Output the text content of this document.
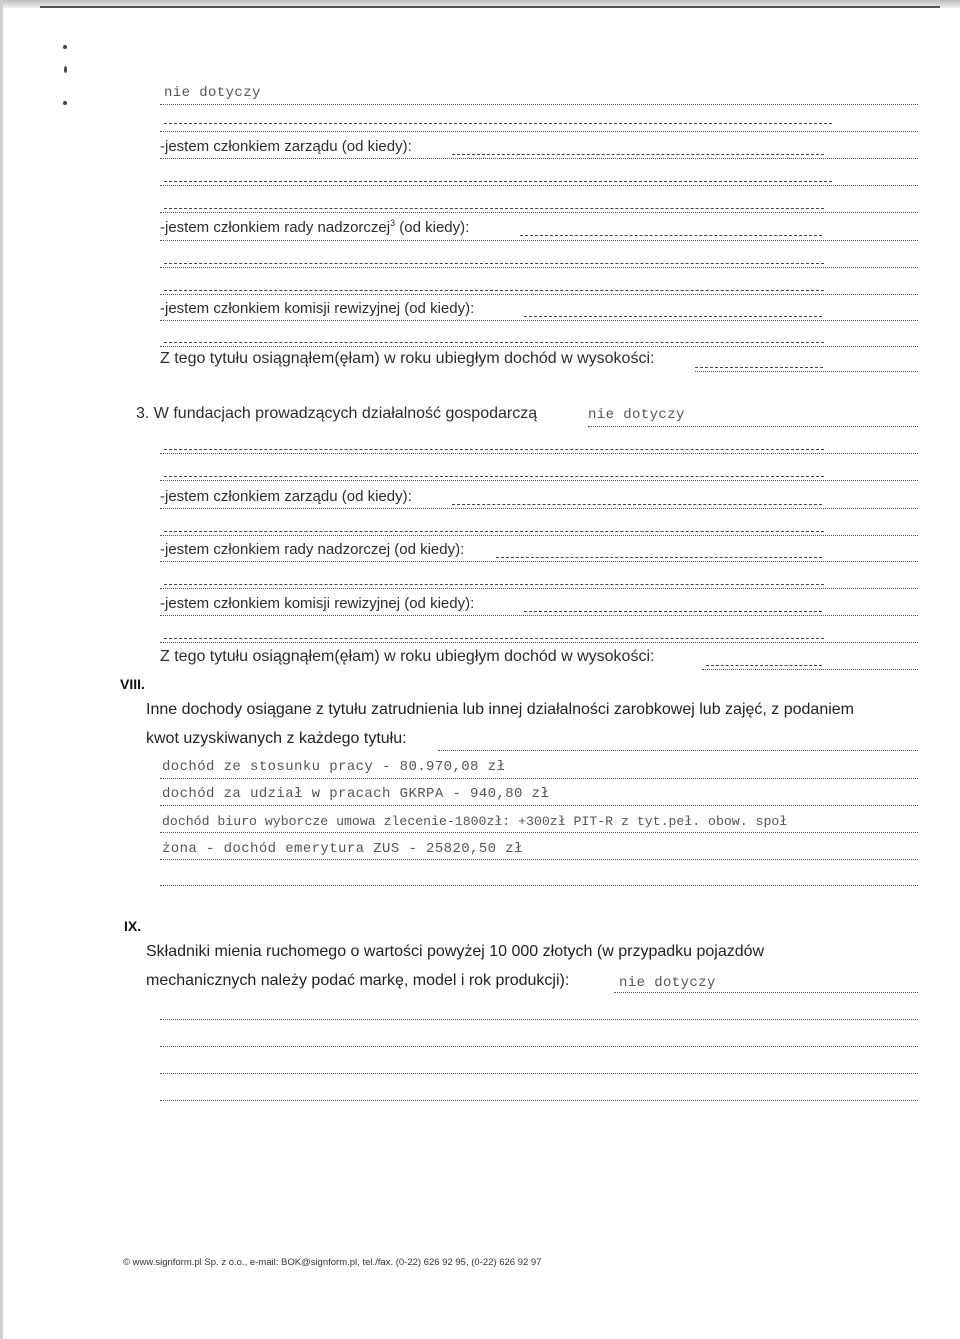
nie dotyczy
-jestem członkiem zarządu (od kiedy):
-jestem członkiem rady nadzorczej$^3$ (od kiedy):
-jestem członkiem komisji rewizyjnej (od kiedy):
Z tego tytułu osiągnąłem(ęłam) w roku ubiegłym dochód w wysokości:
3. W fundacjach prowadzących działalność gospodarczą	nie dotyczy
-jestem członkiem zarządu (od kiedy):
-jestem członkiem rady nadzorczej (od kiedy):
-jestem członkiem komisji rewizyjnej (od kiedy):
Z tego tytułu osiągnąłem(ęłam) w roku ubiegłym dochód w wysokości:
VIII.
Inne dochody osiągane z tytułu zatrudnienia lub innej działalności zarobkowej lub zajęć, z podaniem
kwot uzyskiwanych z każdego tytułu:
dochód ze stosunku pracy - 80.970,08 zł
dochód za udział w pracach GKRPA - 940,80 zł
dochód biuro wyborcze umowa zlecenie-1800zł: +300zł PIT-R z tyt.peł. obow. społ
żona - dochód emerytura ZUS - 25820,50 zł
IX.
Składniki mienia ruchomego o wartości powyżej 10 000 złotych (w przypadku pojazdów
mechanicznych należy podać markę, model i rok produkcji):	nie dotyczy
© www.signform.pl Sp. z o.o., e-mail: BOK@signform.pl, tel./fax. (0-22) 626 92 95, (0-22) 626 92 97
